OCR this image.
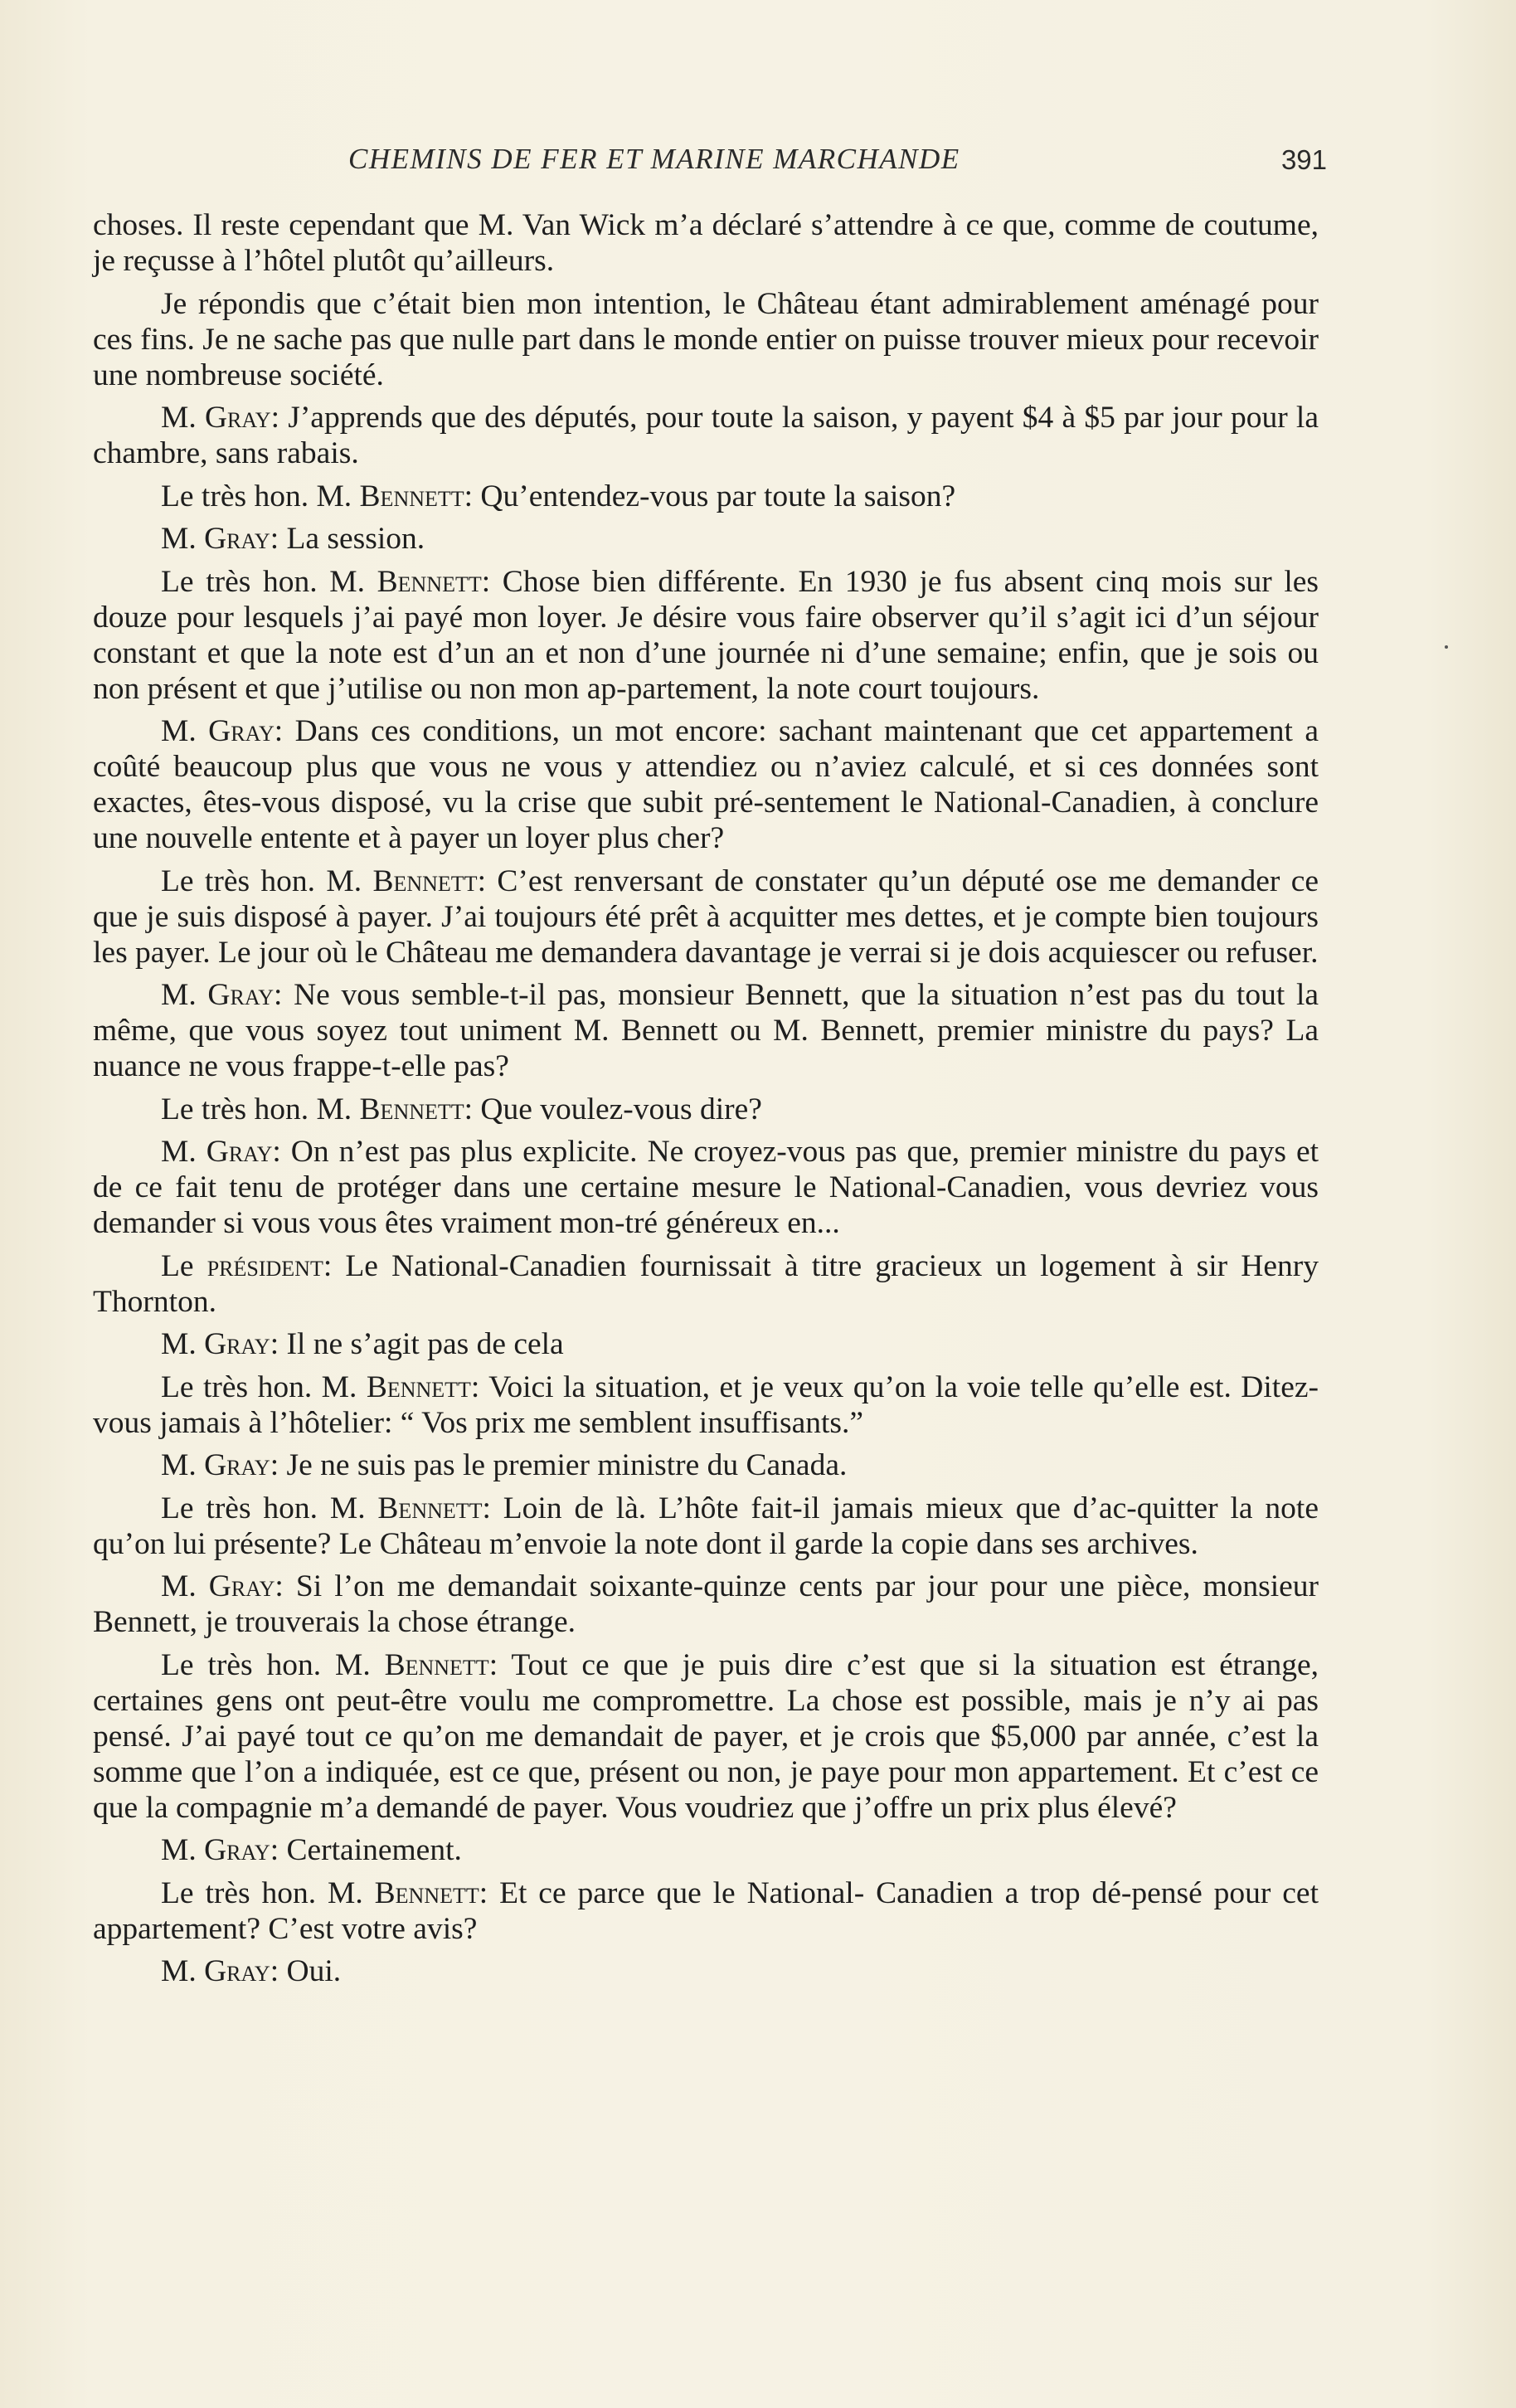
CHEMINS DE FER ET MARINE MARCHANDE	391

choses. Il reste cependant que M. Van Wick m’a déclaré s’attendre à ce que, comme de coutume, je reçusse à l’hôtel plutôt qu’ailleurs.

Je répondis que c’était bien mon intention, le Château étant admirablement aménagé pour ces fins. Je ne sache pas que nulle part dans le monde entier on puisse trouver mieux pour recevoir une nombreuse société.

M. Gray: J’apprends que des députés, pour toute la saison, y payent $4 à $5 par jour pour la chambre, sans rabais.

Le très hon. M. Bennett: Qu’entendez-vous par toute la saison?

M. Gray: La session.

Le très hon. M. Bennett: Chose bien différente. En 1930 je fus absent cinq mois sur les douze pour lesquels j’ai payé mon loyer. Je désire vous faire observer qu’il s’agit ici d’un séjour constant et que la note est d’un an et non d’une journée ni d’une semaine; enfin, que je sois ou non présent et que j’utilise ou non mon ap-partement, la note court toujours.

M. Gray: Dans ces conditions, un mot encore: sachant maintenant que cet appartement a coûté beaucoup plus que vous ne vous y attendiez ou n’aviez calculé, et si ces données sont exactes, êtes-vous disposé, vu la crise que subit pré-sentement le National-Canadien, à conclure une nouvelle entente et à payer un loyer plus cher?

Le très hon. M. Bennett: C’est renversant de constater qu’un député ose me demander ce que je suis disposé à payer. J’ai toujours été prêt à acquitter mes dettes, et je compte bien toujours les payer. Le jour où le Château me demandera davantage je verrai si je dois acquiescer ou refuser.

M. Gray: Ne vous semble-t-il pas, monsieur Bennett, que la situation n’est pas du tout la même, que vous soyez tout uniment M. Bennett ou M. Bennett, premier ministre du pays? La nuance ne vous frappe-t-elle pas?

Le très hon. M. Bennett: Que voulez-vous dire?

M. Gray: On n’est pas plus explicite. Ne croyez-vous pas que, premier ministre du pays et de ce fait tenu de protéger dans une certaine mesure le National-Canadien, vous devriez vous demander si vous vous êtes vraiment mon-tré généreux en...

Le président: Le National-Canadien fournissait à titre gracieux un logement à sir Henry Thornton.

M. Gray: Il ne s’agit pas de cela

Le très hon. M. Bennett: Voici la situation, et je veux qu’on la voie telle qu’elle est. Ditez-vous jamais à l’hôtelier: “ Vos prix me semblent insuffisants.”

M. Gray: Je ne suis pas le premier ministre du Canada.

Le très hon. M. Bennett: Loin de là. L’hôte fait-il jamais mieux que d’ac-quitter la note qu’on lui présente? Le Château m’envoie la note dont il garde la copie dans ses archives.

M. Gray: Si l’on me demandait soixante-quinze cents par jour pour une pièce, monsieur Bennett, je trouverais la chose étrange.

Le très hon. M. Bennett: Tout ce que je puis dire c’est que si la situation est étrange, certaines gens ont peut-être voulu me compromettre. La chose est possible, mais je n’y ai pas pensé. J’ai payé tout ce qu’on me demandait de payer, et je crois que $5,000 par année, c’est la somme que l’on a indiquée, est ce que, présent ou non, je paye pour mon appartement. Et c’est ce que la compagnie m’a demandé de payer. Vous voudriez que j’offre un prix plus élevé?

M. Gray: Certainement.

Le très hon. M. Bennett: Et ce parce que le National- Canadien a trop dé-pensé pour cet appartement? C’est votre avis?

M. Gray: Oui.
